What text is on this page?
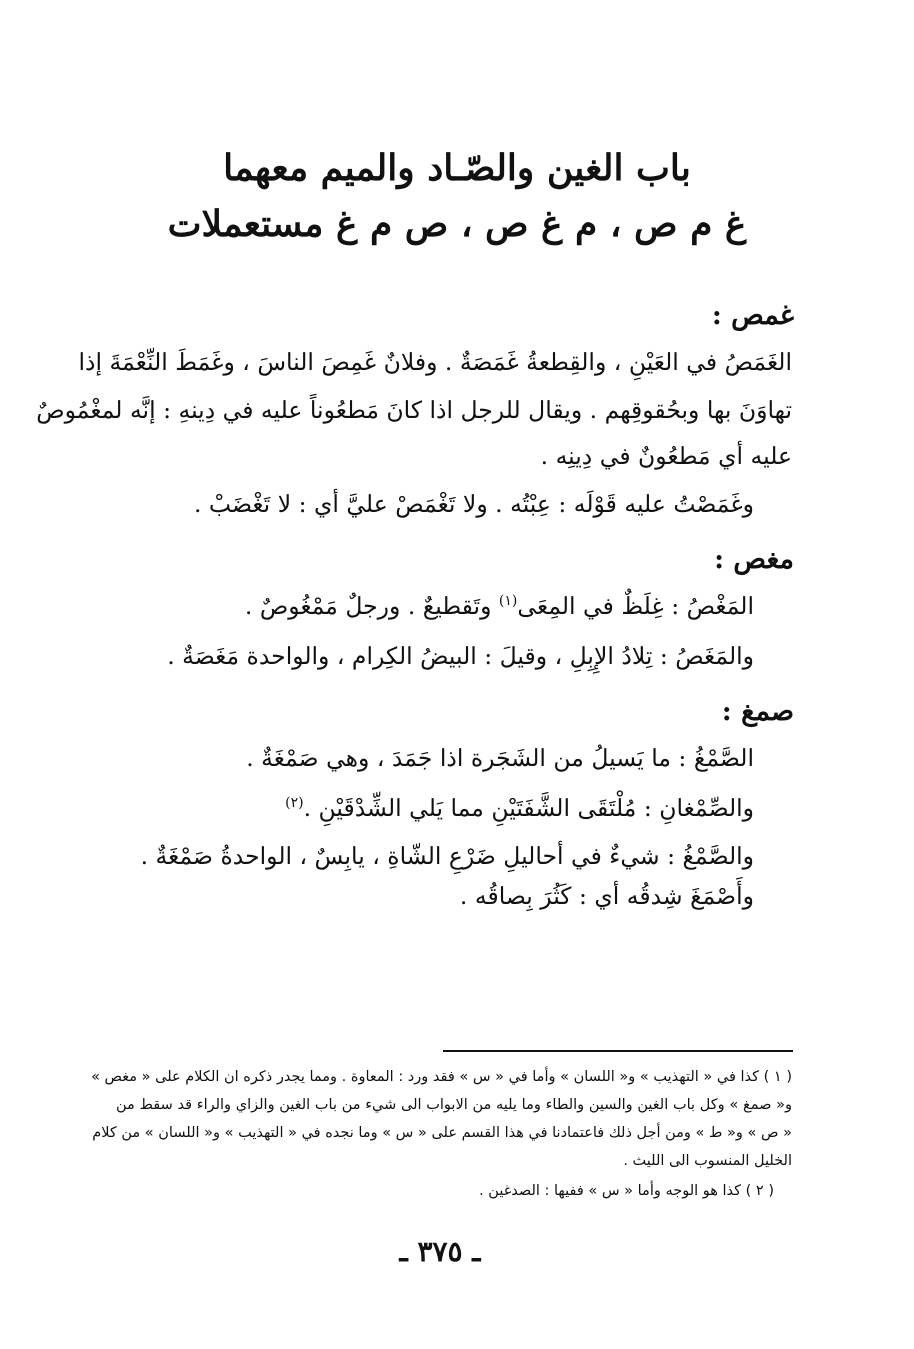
باب الغين والصّـاد والميم معهما
غ م ص ، م غ ص ، ص م غ مستعملات
غمص :
الغَمَصُ في العَيْنِ ، والقِطعةُ غَمَصَةٌ . وفلانٌ غَمِصَ الناسَ ، وغَمَطَ النِّعْمَةَ إذا
تهاوَنَ بها وبحُقوقِهم . ويقال للرجل اذا كانَ مَطعُوناً عليه في دِينهِ : إنَّه لمغْمُوصٌ
عليه أي مَطعُونٌ في دِينِه .
وغَمَصْتُ عليه قَوْلَه : عِبْتُه . ولا تَغْمَصْ عليَّ أي : لا تَغْضَبْ .
مغص :
المَغْصُ : غِلَظٌ في المِعَى$^{(١)}$ وتَقطيعٌ . ورجلٌ مَمْغُوصٌ .
والمَغَصُ : تِلادُ الإِبِلِ ، وقيلَ : البيضُ الكِرام ، والواحدة مَغَصَةٌ .
صمغ :
الصَّمْغُ : ما يَسيلُ من الشَجَرة اذا جَمَدَ ، وهي صَمْغَةٌ .
والصِّمْغانِ : مُلْتَقَى الشَّفَتَيْنِ مما يَلي الشِّدْقَيْنِ .$^{(٢)}$
والصَّمْغُ : شيءٌ في أحاليلِ ضَرْعِ الشّاةِ ، يابِسٌ ، الواحدةُ صَمْغَةٌ .
وأَصْمَغَ شِدقُه أي : كَثُرَ بِصاقُه .
( ١ ) كذا في « التهذيب » و« اللسان » وأما في « س » فقد ورد : المعاوة . ومما يجدر ذكره ان الكلام على « مغص »
و« صمغ » وكل باب الغين والسين والطاء وما يليه من الابواب الى شيء من باب الغين والزاي والراء قد سقط من
« ص » و« ط » ومن أجل ذلك فاعتمادنا في هذا القسم على « س » وما نجده في « التهذيب » و« اللسان » من كلام
الخليل المنسوب الى الليث .
( ٢ ) كذا هو الوجه وأما « س » ففيها : الصدغين .
ـ ٣٧٥ ـ
